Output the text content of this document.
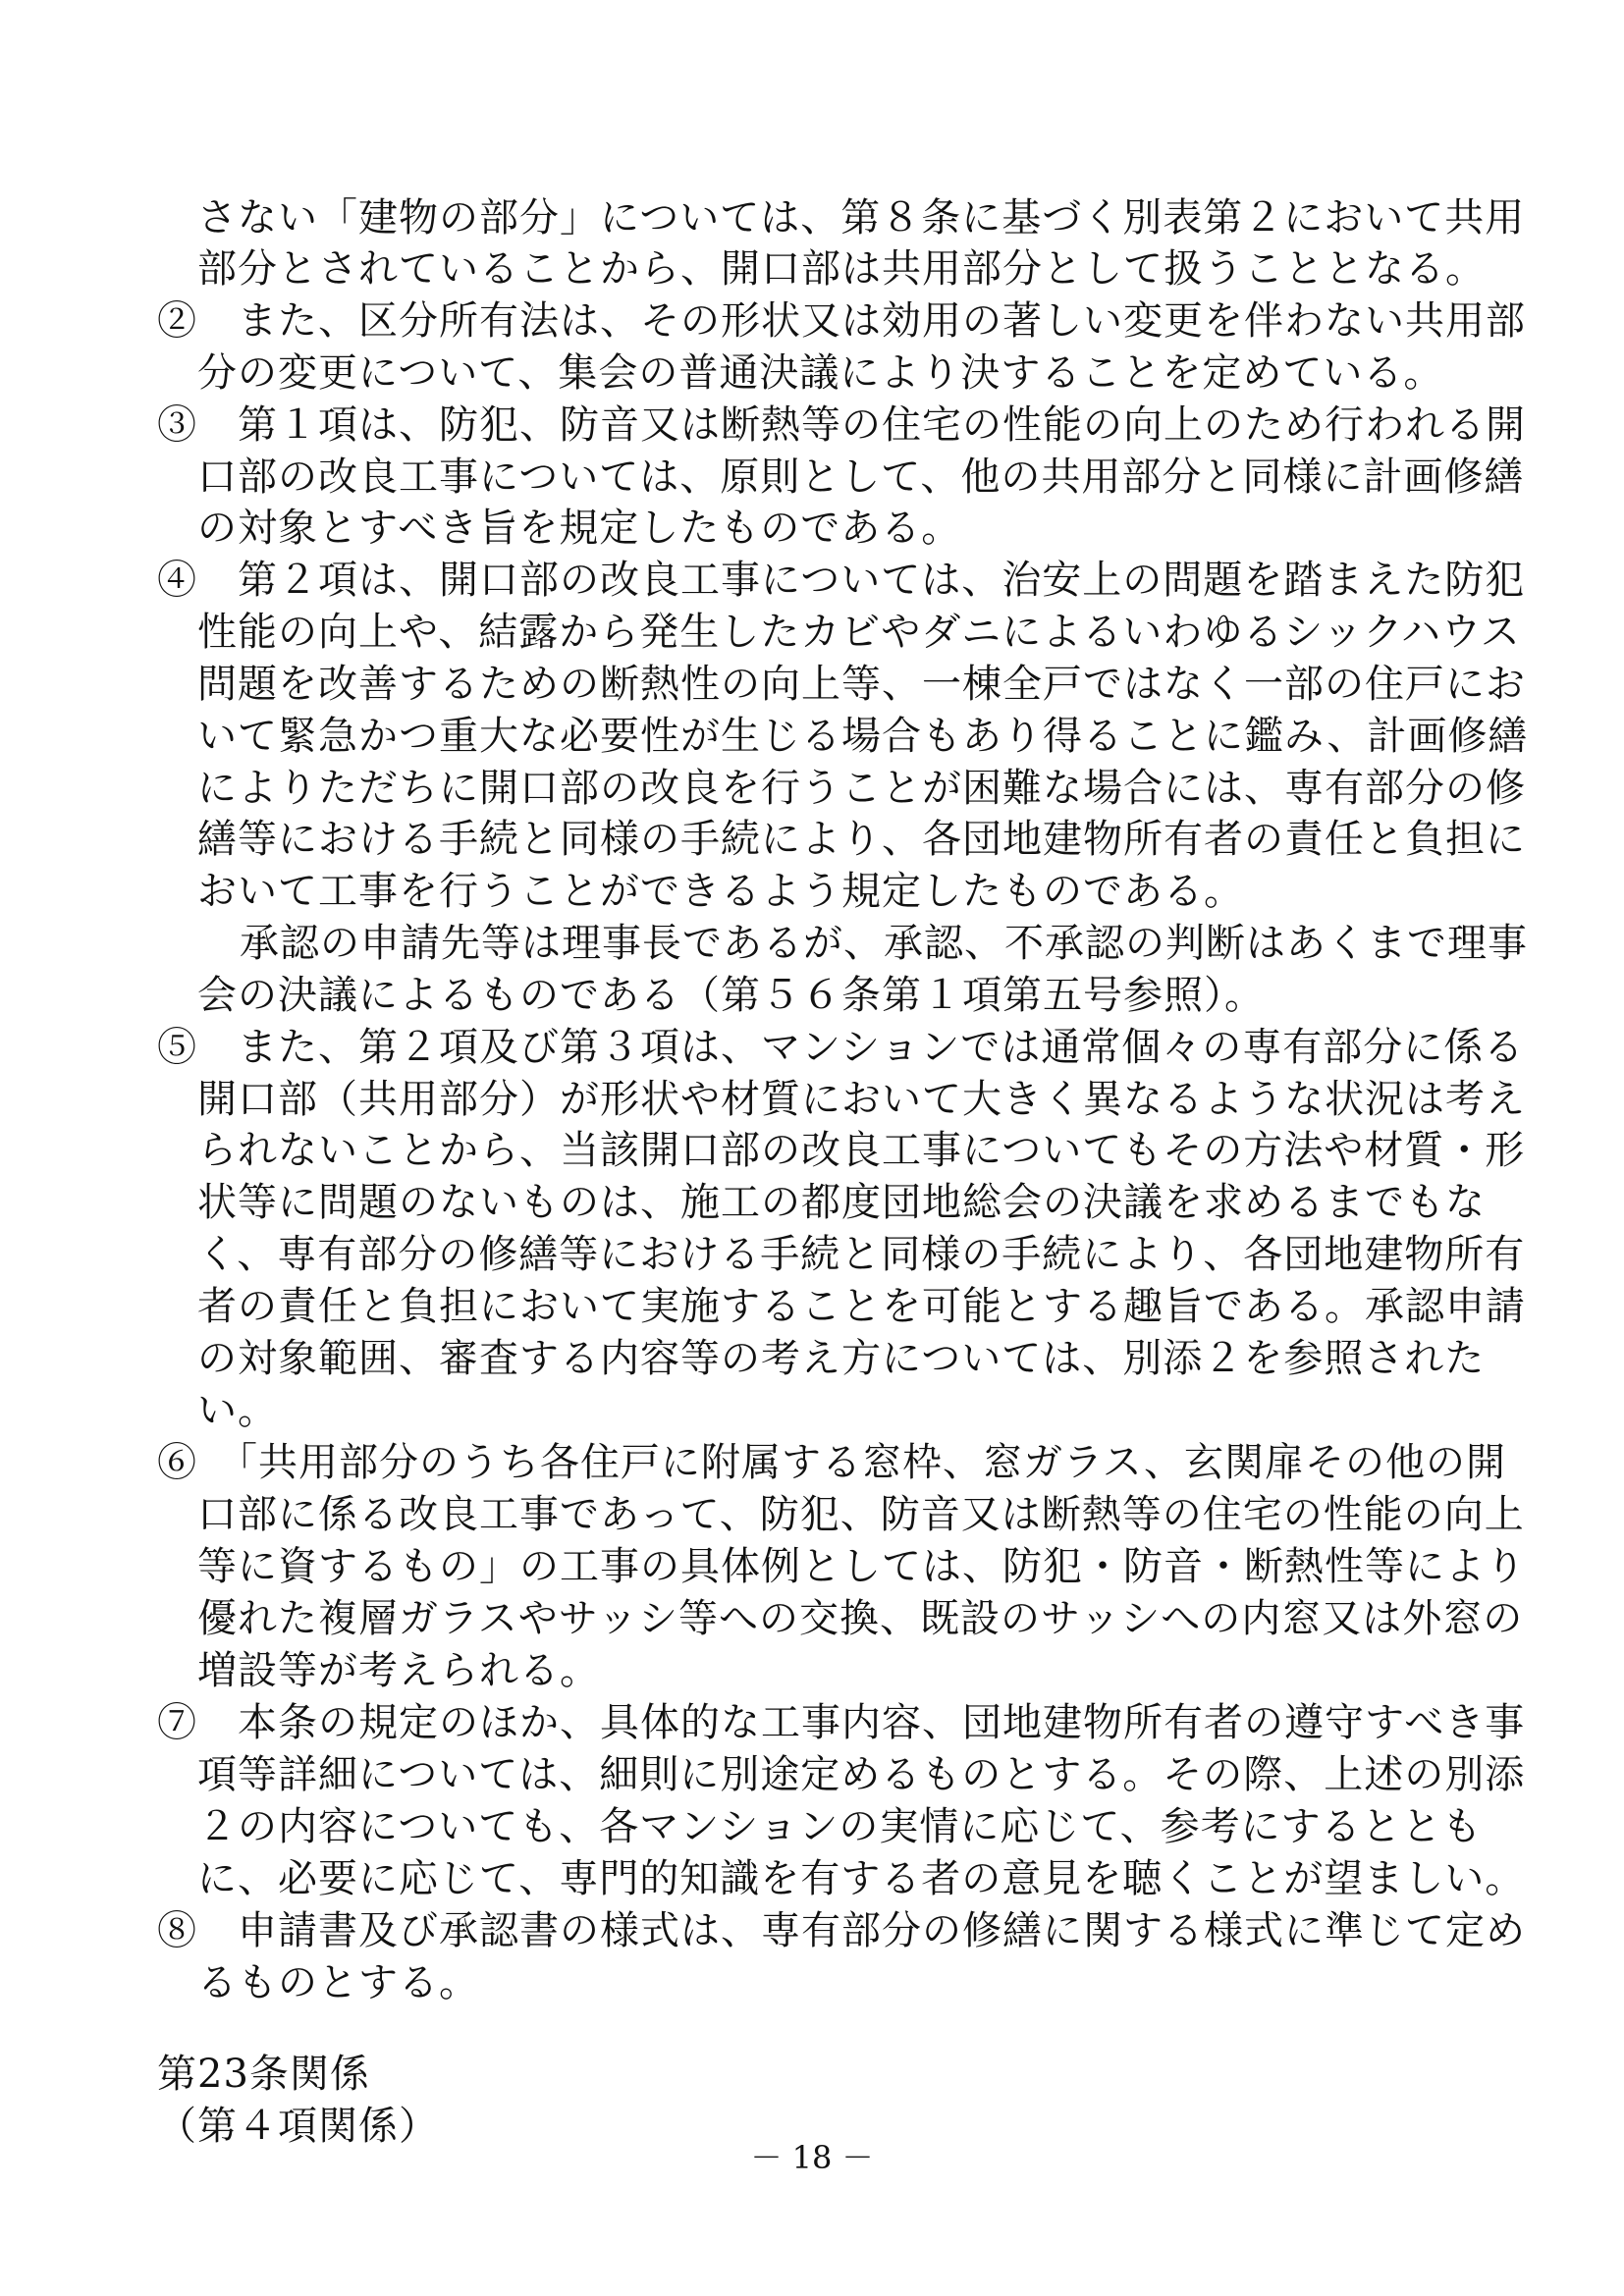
さない「建物の部分」については、第８条に基づく別表第２において共用
部分とされていることから、開口部は共用部分として扱うこととなる。
②　また、区分所有法は、その形状又は効用の著しい変更を伴わない共用部
分の変更について、集会の普通決議により決することを定めている。
③　第１項は、防犯、防音又は断熱等の住宅の性能の向上のため行われる開
口部の改良工事については、原則として、他の共用部分と同様に計画修繕
の対象とすべき旨を規定したものである。
④　第２項は、開口部の改良工事については、治安上の問題を踏まえた防犯
性能の向上や、結露から発生したカビやダニによるいわゆるシックハウス
問題を改善するための断熱性の向上等、一棟全戸ではなく一部の住戸にお
いて緊急かつ重大な必要性が生じる場合もあり得ることに鑑み、計画修繕
によりただちに開口部の改良を行うことが困難な場合には、専有部分の修
繕等における手続と同様の手続により、各団地建物所有者の責任と負担に
おいて工事を行うことができるよう規定したものである。
承認の申請先等は理事長であるが、承認、不承認の判断はあくまで理事
会の決議によるものである（第５６条第１項第五号参照）。
⑤　また、第２項及び第３項は、マンションでは通常個々の専有部分に係る
開口部（共用部分）が形状や材質において大きく異なるような状況は考え
られないことから、当該開口部の改良工事についてもその方法や材質・形
状等に問題のないものは、施工の都度団地総会の決議を求めるまでもな
く、専有部分の修繕等における手続と同様の手続により、各団地建物所有
者の責任と負担において実施することを可能とする趣旨である。承認申請
の対象範囲、審査する内容等の考え方については、別添２を参照された
い。
⑥　「共用部分のうち各住戸に附属する窓枠、窓ガラス、玄関扉その他の開
口部に係る改良工事であって、防犯、防音又は断熱等の住宅の性能の向上
等に資するもの」の工事の具体例としては、防犯・防音・断熱性等により
優れた複層ガラスやサッシ等への交換、既設のサッシへの内窓又は外窓の
増設等が考えられる。
⑦　本条の規定のほか、具体的な工事内容、団地建物所有者の遵守すべき事
項等詳細については、細則に別途定めるものとする。その際、上述の別添
２の内容についても、各マンションの実情に応じて、参考にするととも
に、必要に応じて、専門的知識を有する者の意見を聴くことが望ましい。
⑧　申請書及び承認書の様式は、専有部分の修繕に関する様式に準じて定め
るものとする。
第23条関係
（第４項関係）
－ 18 －
